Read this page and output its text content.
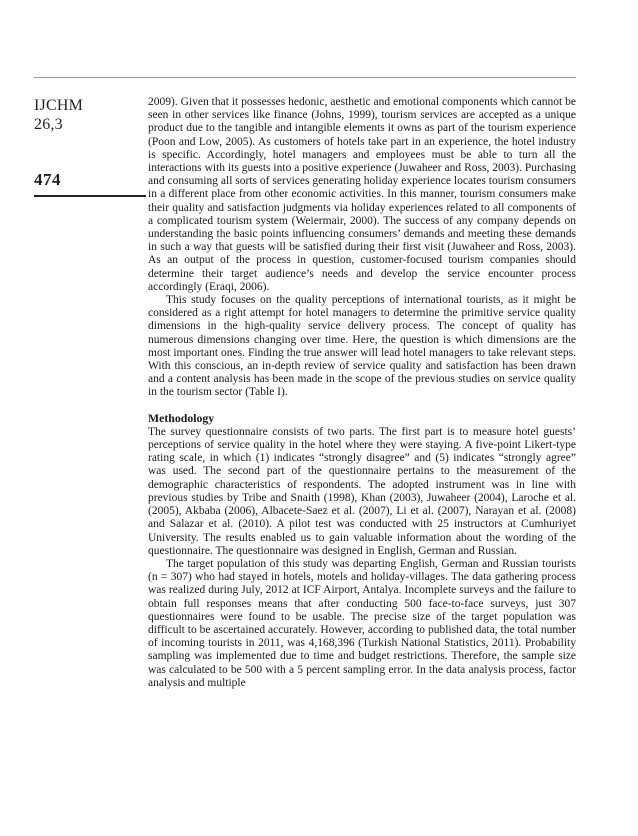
IJCHM
26,3
474

2009). Given that it possesses hedonic, aesthetic and emotional components which cannot be seen in other services like finance (Johns, 1999), tourism services are accepted as a unique product due to the tangible and intangible elements it owns as part of the tourism experience (Poon and Low, 2005). As customers of hotels take part in an experience, the hotel industry is specific. Accordingly, hotel managers and employees must be able to turn all the interactions with its guests into a positive experience (Juwaheer and Ross, 2003). Purchasing and consuming all sorts of services generating holiday experience locates tourism consumers in a different place from other economic activities. In this manner, tourism consumers make their quality and satisfaction judgments via holiday experiences related to all components of a complicated tourism system (Weiermair, 2000). The success of any company depends on understanding the basic points influencing consumers’ demands and meeting these demands in such a way that guests will be satisfied during their first visit (Juwaheer and Ross, 2003). As an output of the process in question, customer-focused tourism companies should determine their target audience’s needs and develop the service encounter process accordingly (Eraqi, 2006).

This study focuses on the quality perceptions of international tourists, as it might be considered as a right attempt for hotel managers to determine the primitive service quality dimensions in the high-quality service delivery process. The concept of quality has numerous dimensions changing over time. Here, the question is which dimensions are the most important ones. Finding the true answer will lead hotel managers to take relevant steps. With this conscious, an in-depth review of service quality and satisfaction has been drawn and a content analysis has been made in the scope of the previous studies on service quality in the tourism sector (Table I).

Methodology

The survey questionnaire consists of two parts. The first part is to measure hotel guests’ perceptions of service quality in the hotel where they were staying. A five-point Likert-type rating scale, in which (1) indicates “strongly disagree” and (5) indicates “strongly agree” was used. The second part of the questionnaire pertains to the measurement of the demographic characteristics of respondents. The adopted instrument was in line with previous studies by Tribe and Snaith (1998), Khan (2003), Juwaheer (2004), Laroche et al. (2005), Akbaba (2006), Albacete-Saez et al. (2007), Li et al. (2007), Narayan et al. (2008) and Salazar et al. (2010). A pilot test was conducted with 25 instructors at Cumhuriyet University. The results enabled us to gain valuable information about the wording of the questionnaire. The questionnaire was designed in English, German and Russian.

The target population of this study was departing English, German and Russian tourists (n = 307) who had stayed in hotels, motels and holiday-villages. The data gathering process was realized during July, 2012 at ICF Airport, Antalya. Incomplete surveys and the failure to obtain full responses means that after conducting 500 face-to-face surveys, just 307 questionnaires were found to be usable. The precise size of the target population was difficult to be ascertained accurately. However, according to published data, the total number of incoming tourists in 2011, was 4,168,396 (Turkish National Statistics, 2011). Probability sampling was implemented due to time and budget restrictions. Therefore, the sample size was calculated to be 500 with a 5 percent sampling error. In the data analysis process, factor analysis and multiple
